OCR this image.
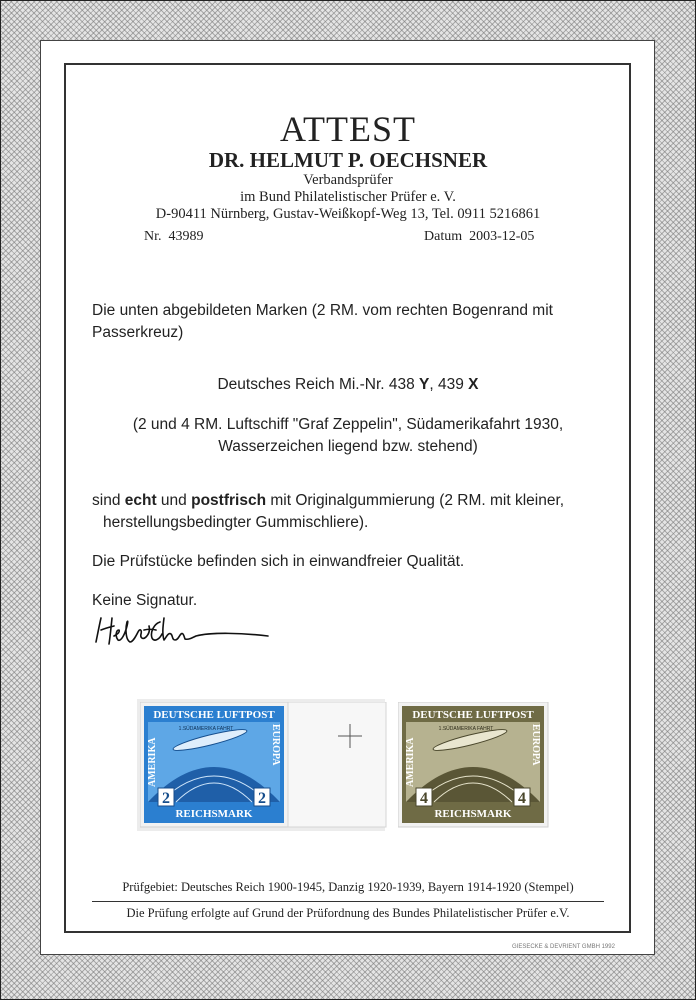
ATTEST
DR. HELMUT P. OECHSNER
Verbandsprüfer
im Bund Philatelistischer Prüfer e. V.
D-90411 Nürnberg, Gustav-Weißkopf-Weg 13, Tel. 0911 5216861
Nr. 43989	Datum 2003-12-05
Die unten abgebildeten Marken (2 RM. vom rechten Bogenrand mit
Passerkreuz)
Deutsches Reich Mi.-Nr. 438 Y, 439 X
(2 und 4 RM. Luftschiff "Graf Zeppelin", Südamerikafahrt 1930,
Wasserzeichen liegend bzw. stehend)
sind echt und postfrisch mit Originalgummierung (2 RM. mit kleiner,
herstellungsbedingter Gummischliere).
Die Prüfstücke befinden sich in einwandfreier Qualität.
Keine Signatur.
DEUTSCHE LUFTPOST
REICHSMARK
AMERIKA	EUROPA
2	2
1.SÜDAMERIKA FAHRT
DEUTSCHE LUFTPOST
REICHSMARK
AMERIKA	EUROPA
4	4
1.SÜDAMERIKA FAHRT
Prüfgebiet: Deutsches Reich 1900-1945, Danzig 1920-1939, Bayern 1914-1920 (Stempel)
Die Prüfung erfolgte auf Grund der Prüfordnung des Bundes Philatelistischer Prüfer e.V.
GIESECKE & DEVRIENT GMBH 1992
